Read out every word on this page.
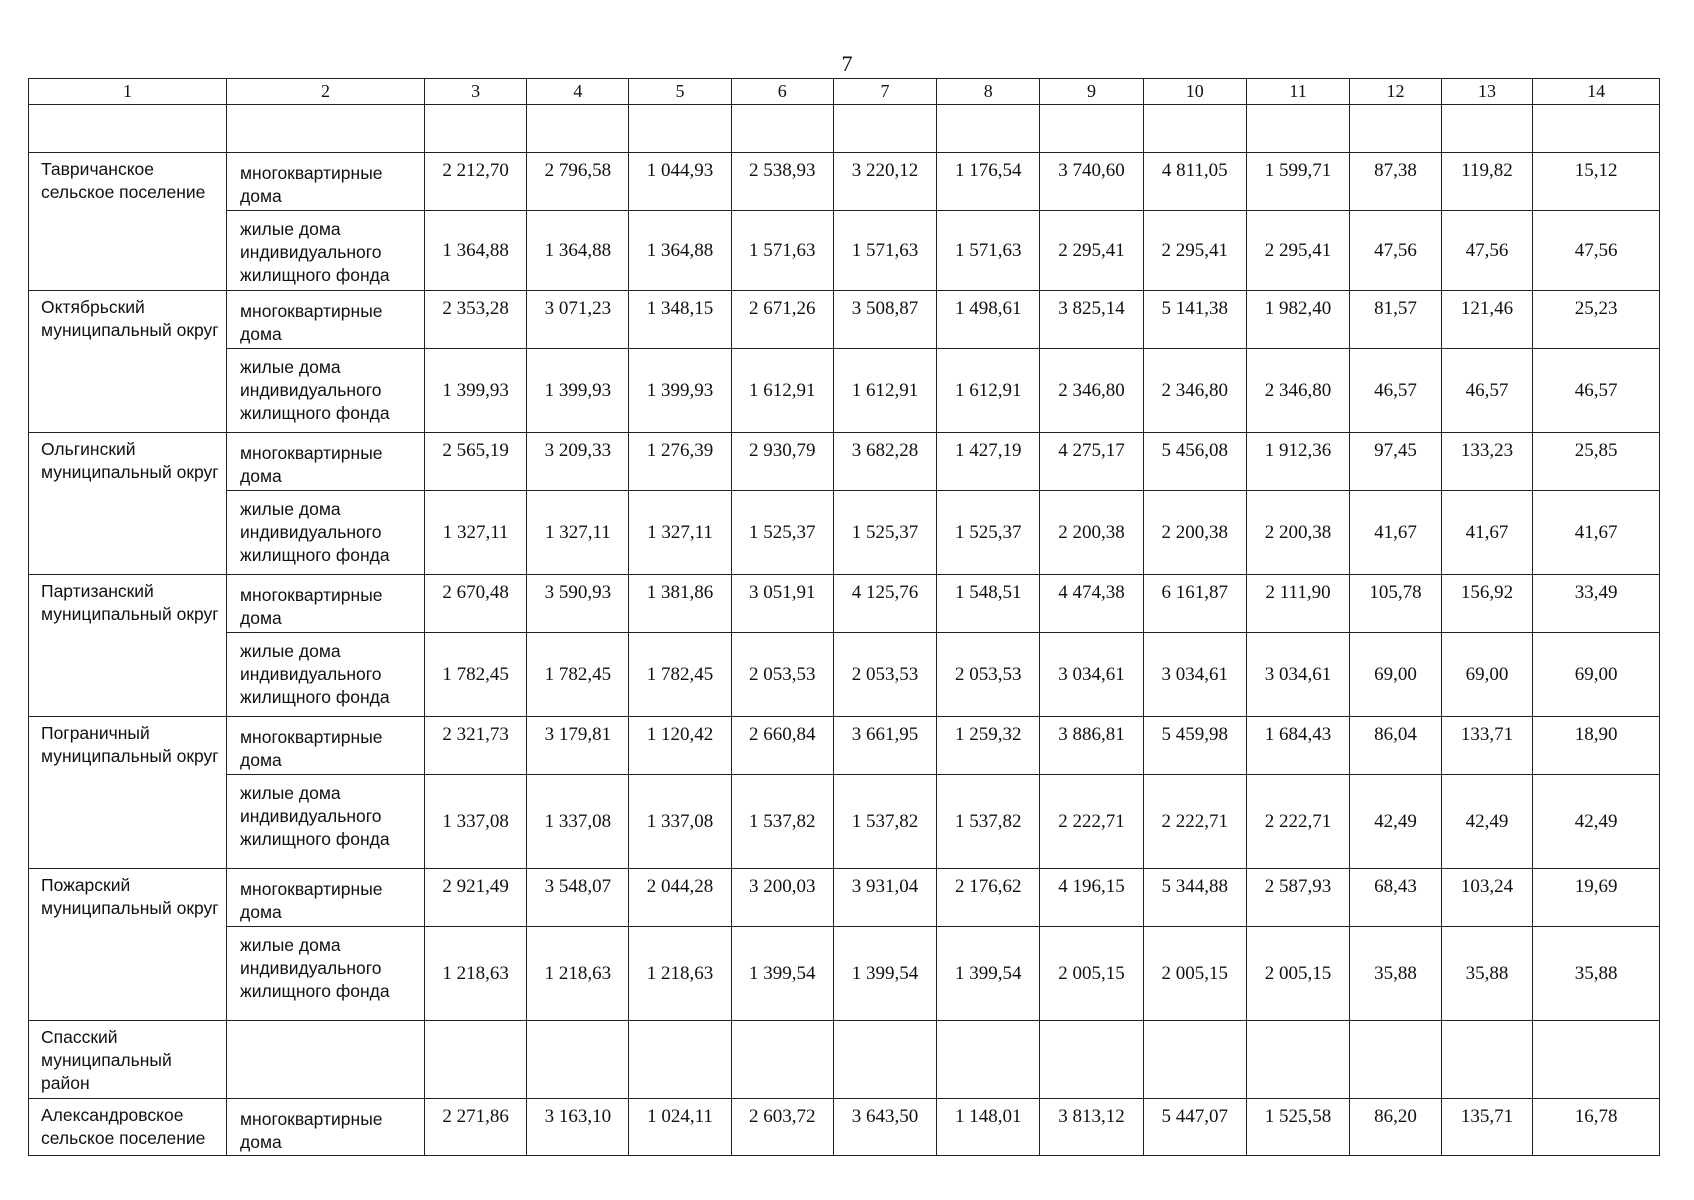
7
1	2	3	4	5	6	7	8	9	10	11	12	13	14

Тавричанское сельское поселение	многоквартирные дома	2 212,70	2 796,58	1 044,93	2 538,93	3 220,12	1 176,54	3 740,60	4 811,05	1 599,71	87,38	119,82	15,12
	жилые дома индивидуального жилищного фонда	1 364,88	1 364,88	1 364,88	1 571,63	1 571,63	1 571,63	2 295,41	2 295,41	2 295,41	47,56	47,56	47,56
Октябрьский муниципальный округ	многоквартирные дома	2 353,28	3 071,23	1 348,15	2 671,26	3 508,87	1 498,61	3 825,14	5 141,38	1 982,40	81,57	121,46	25,23
	жилые дома индивидуального жилищного фонда	1 399,93	1 399,93	1 399,93	1 612,91	1 612,91	1 612,91	2 346,80	2 346,80	2 346,80	46,57	46,57	46,57
Ольгинский муниципальный округ	многоквартирные дома	2 565,19	3 209,33	1 276,39	2 930,79	3 682,28	1 427,19	4 275,17	5 456,08	1 912,36	97,45	133,23	25,85
	жилые дома индивидуального жилищного фонда	1 327,11	1 327,11	1 327,11	1 525,37	1 525,37	1 525,37	2 200,38	2 200,38	2 200,38	41,67	41,67	41,67
Партизанский муниципальный округ	многоквартирные дома	2 670,48	3 590,93	1 381,86	3 051,91	4 125,76	1 548,51	4 474,38	6 161,87	2 111,90	105,78	156,92	33,49
	жилые дома индивидуального жилищного фонда	1 782,45	1 782,45	1 782,45	2 053,53	2 053,53	2 053,53	3 034,61	3 034,61	3 034,61	69,00	69,00	69,00
Пограничный муниципальный округ	многоквартирные дома	2 321,73	3 179,81	1 120,42	2 660,84	3 661,95	1 259,32	3 886,81	5 459,98	1 684,43	86,04	133,71	18,90
	жилые дома индивидуального жилищного фонда	1 337,08	1 337,08	1 337,08	1 537,82	1 537,82	1 537,82	2 222,71	2 222,71	2 222,71	42,49	42,49	42,49
Пожарский муниципальный округ	многоквартирные дома	2 921,49	3 548,07	2 044,28	3 200,03	3 931,04	2 176,62	4 196,15	5 344,88	2 587,93	68,43	103,24	19,69
	жилые дома индивидуального жилищного фонда	1 218,63	1 218,63	1 218,63	1 399,54	1 399,54	1 399,54	2 005,15	2 005,15	2 005,15	35,88	35,88	35,88
Спасский муниципальный район													
Александровское сельское поселение	многоквартирные дома	2 271,86	3 163,10	1 024,11	2 603,72	3 643,50	1 148,01	3 813,12	5 447,07	1 525,58	86,20	135,71	16,78
